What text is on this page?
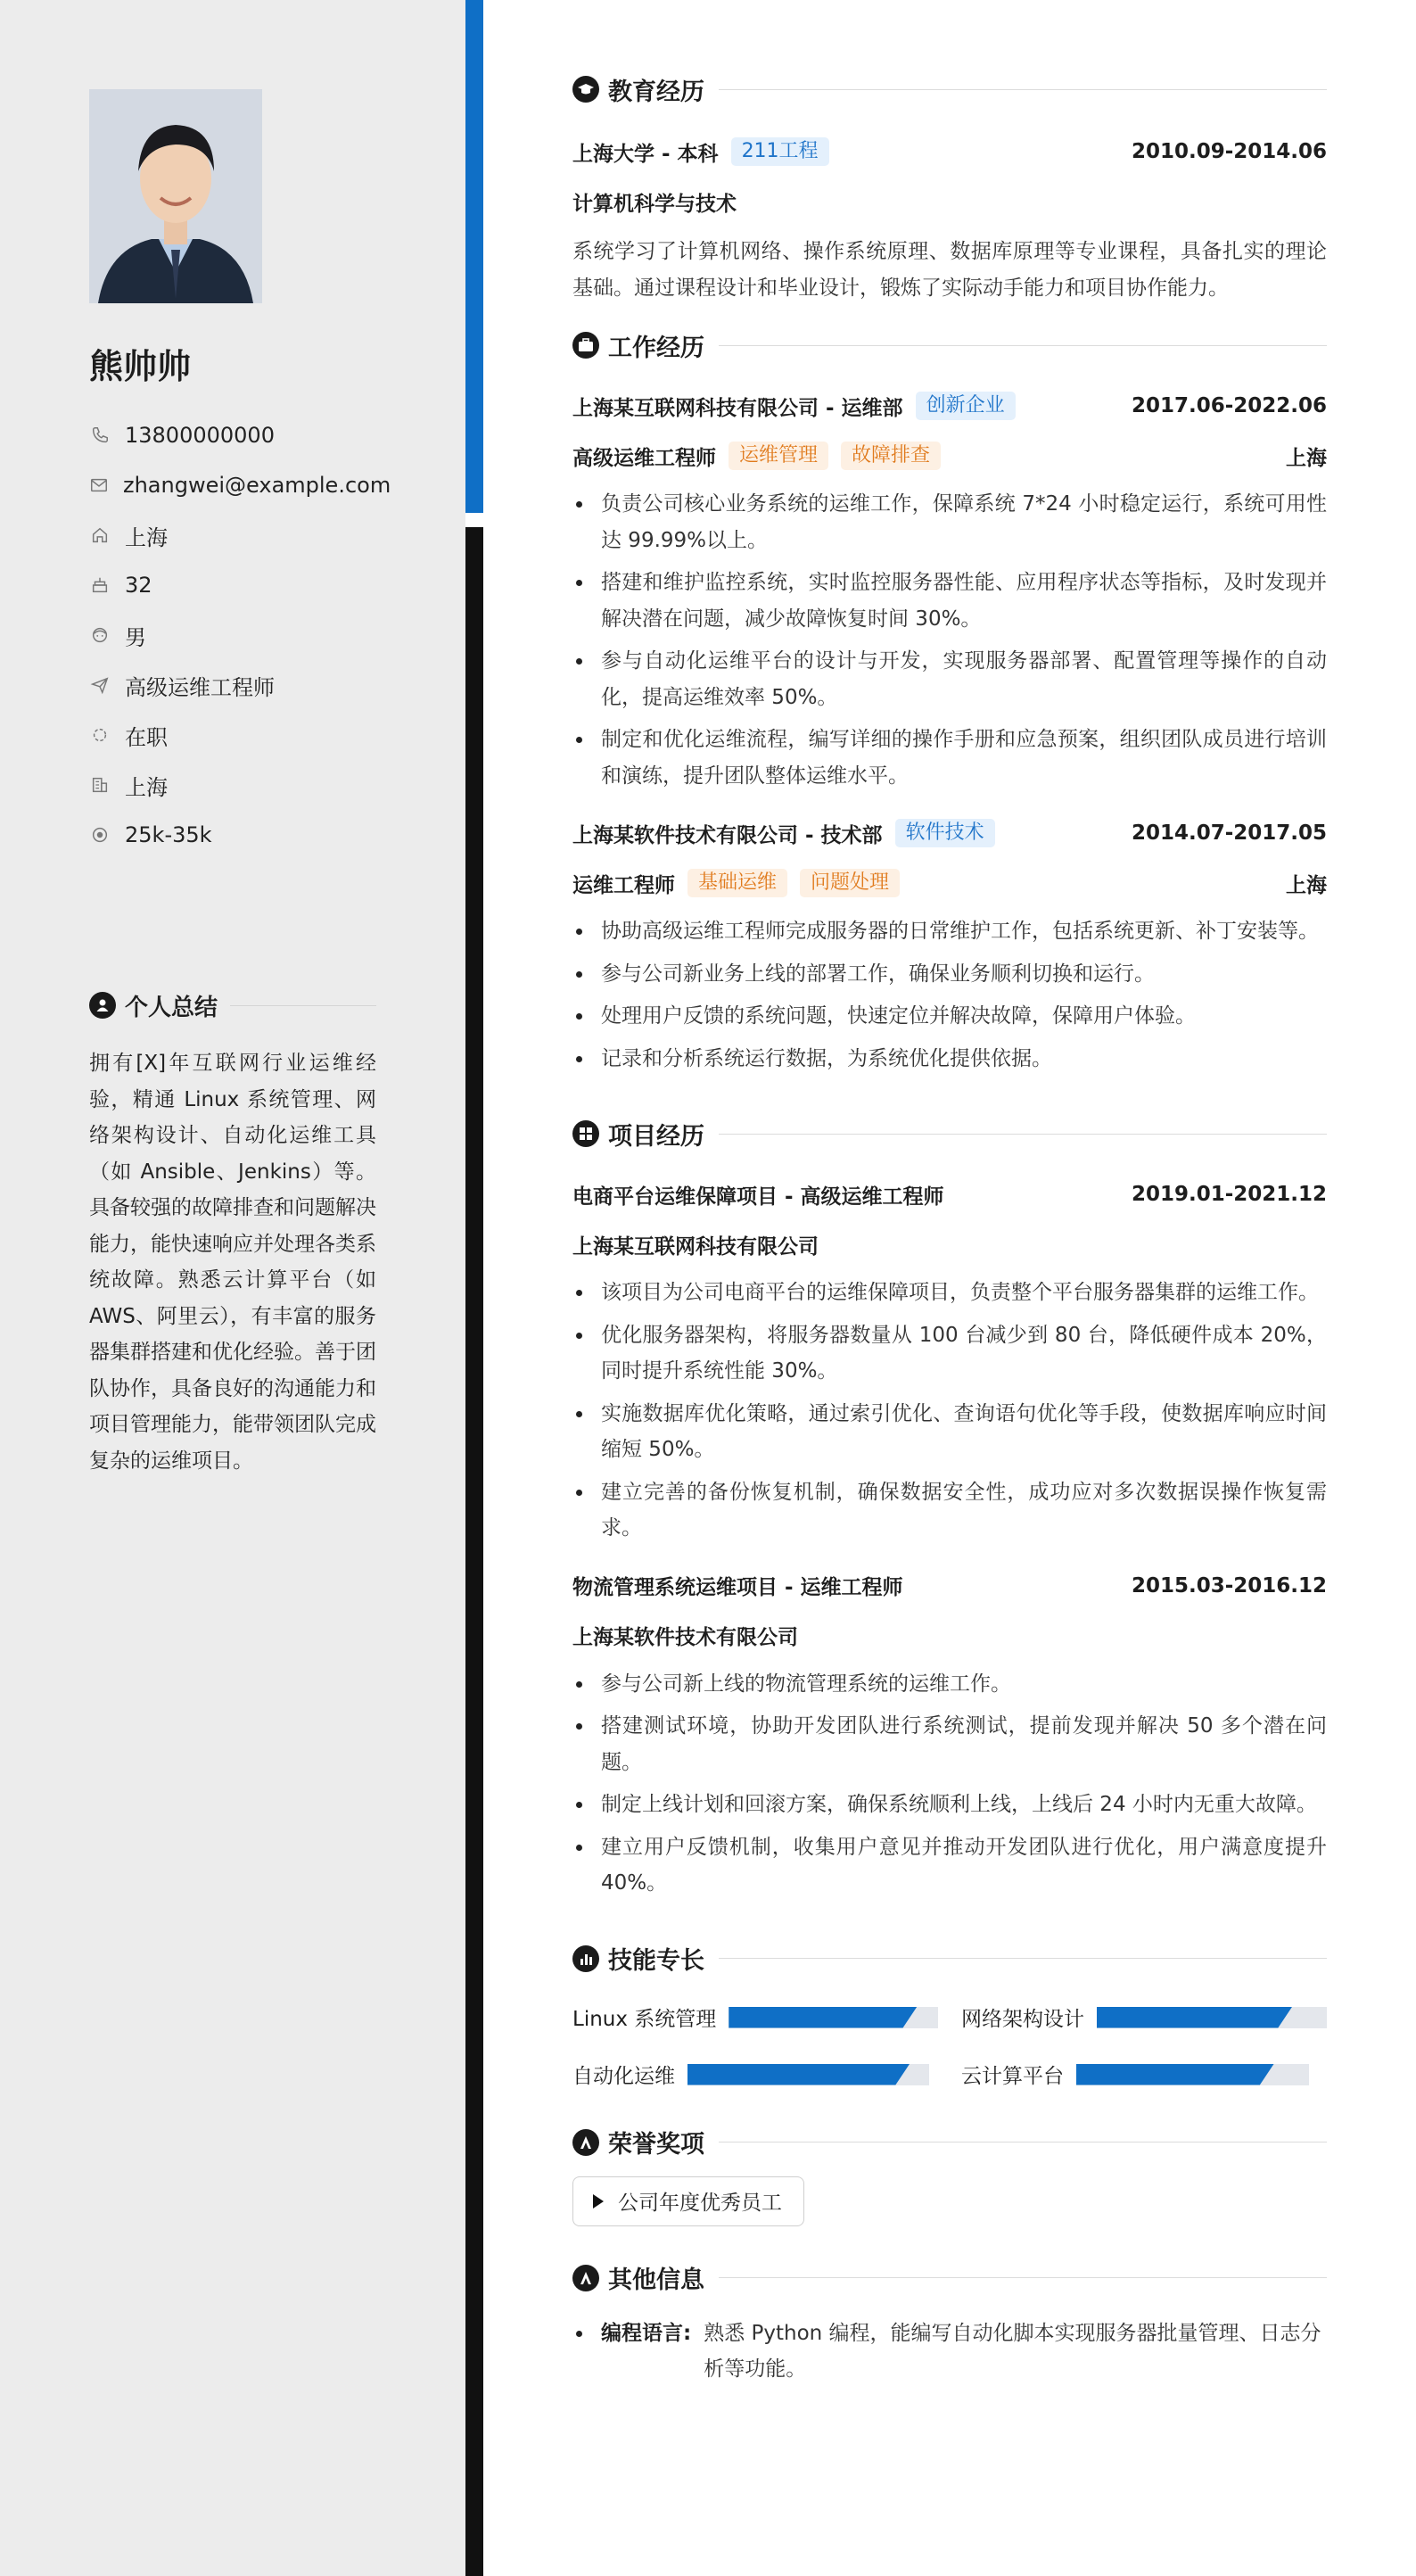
熊帅帅
13800000000
zhangwei@example.com
上海
32
男
高级运维工程师
在职
上海
25k-35k
个人总结
拥有[X]年互联网行业运维经验，精通 Linux 系统管理、网络架构设计、自动化运维工具（如 Ansible、Jenkins）等。具备较强的故障排查和问题解决能力，能快速响应并处理各类系统故障。熟悉云计算平台（如 AWS、阿里云），有丰富的服务器集群搭建和优化经验。善于团队协作，具备良好的沟通能力和项目管理能力，能带领团队完成复杂的运维项目。
教育经历
上海大学 - 本科	211工程	2010.09-2014.06
计算机科学与技术
系统学习了计算机网络、操作系统原理、数据库原理等专业课程，具备扎实的理论基础。通过课程设计和毕业设计，锻炼了实际动手能力和项目协作能力。
工作经历
上海某互联网科技有限公司 - 运维部	创新企业	2017.06-2022.06
高级运维工程师	运维管理	故障排查	上海
负责公司核心业务系统的运维工作，保障系统 7*24 小时稳定运行，系统可用性达 99.99%以上。
搭建和维护监控系统，实时监控服务器性能、应用程序状态等指标，及时发现并解决潜在问题，减少故障恢复时间 30%。
参与自动化运维平台的设计与开发，实现服务器部署、配置管理等操作的自动化，提高运维效率 50%。
制定和优化运维流程，编写详细的操作手册和应急预案，组织团队成员进行培训和演练，提升团队整体运维水平。
上海某软件技术有限公司 - 技术部	软件技术	2014.07-2017.05
运维工程师	基础运维	问题处理	上海
协助高级运维工程师完成服务器的日常维护工作，包括系统更新、补丁安装等。
参与公司新业务上线的部署工作，确保业务顺利切换和运行。
处理用户反馈的系统问题，快速定位并解决故障，保障用户体验。
记录和分析系统运行数据，为系统优化提供依据。
项目经历
电商平台运维保障项目 - 高级运维工程师	2019.01-2021.12
上海某互联网科技有限公司
该项目为公司电商平台的运维保障项目，负责整个平台服务器集群的运维工作。
优化服务器架构，将服务器数量从 100 台减少到 80 台，降低硬件成本 20%，同时提升系统性能 30%。
实施数据库优化策略，通过索引优化、查询语句优化等手段，使数据库响应时间缩短 50%。
建立完善的备份恢复机制，确保数据安全性，成功应对多次数据误操作恢复需求。
物流管理系统运维项目 - 运维工程师	2015.03-2016.12
上海某软件技术有限公司
参与公司新上线的物流管理系统的运维工作。
搭建测试环境，协助开发团队进行系统测试，提前发现并解决 50 多个潜在问题。
制定上线计划和回滚方案，确保系统顺利上线，上线后 24 小时内无重大故障。
建立用户反馈机制，收集用户意见并推动开发团队进行优化，用户满意度提升 40%。
技能专长
Linux 系统管理	网络架构设计
自动化运维	云计算平台
荣誉奖项
公司年度优秀员工
其他信息
编程语言: 熟悉 Python 编程，能编写自动化脚本实现服务器批量管理、日志分析等功能。
